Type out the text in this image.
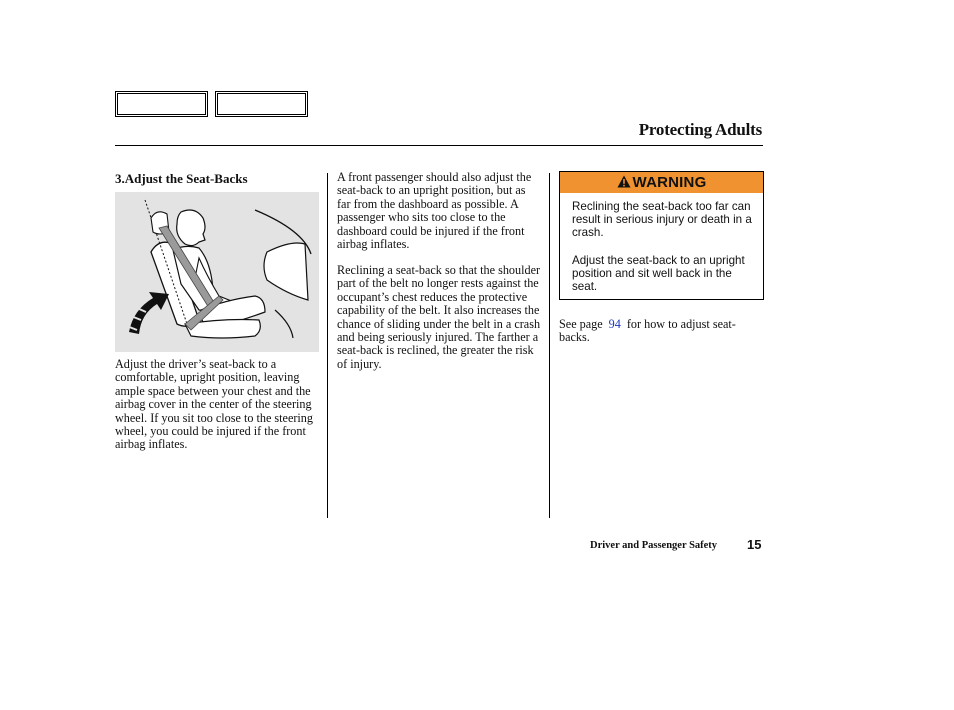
Protecting Adults
3.Adjust the Seat-Backs

Adjust the driver’s seat-back to a comfortable, upright position, leaving ample space between your chest and the airbag cover in the center of the steering wheel. If you sit too close to the steering wheel, you could be injured if the front airbag inflates.

A front passenger should also adjust the seat-back to an upright position, but as far from the dashboard as possible. A passenger who sits too close to the dashboard could be injured if the front airbag inflates.

Reclining a seat-back so that the shoulder part of the belt no longer rests against the occupant’s chest reduces the protective capability of the belt. It also increases the chance of sliding under the belt in a crash and being seriously injured. The farther a seat-back is reclined, the greater the risk of injury.

WARNING

Reclining the seat-back too far can result in serious injury or death in a crash.

Adjust the seat-back to an upright position and sit well back in the seat.

See page 94 for how to adjust seat-backs.

Driver and Passenger Safety 15
